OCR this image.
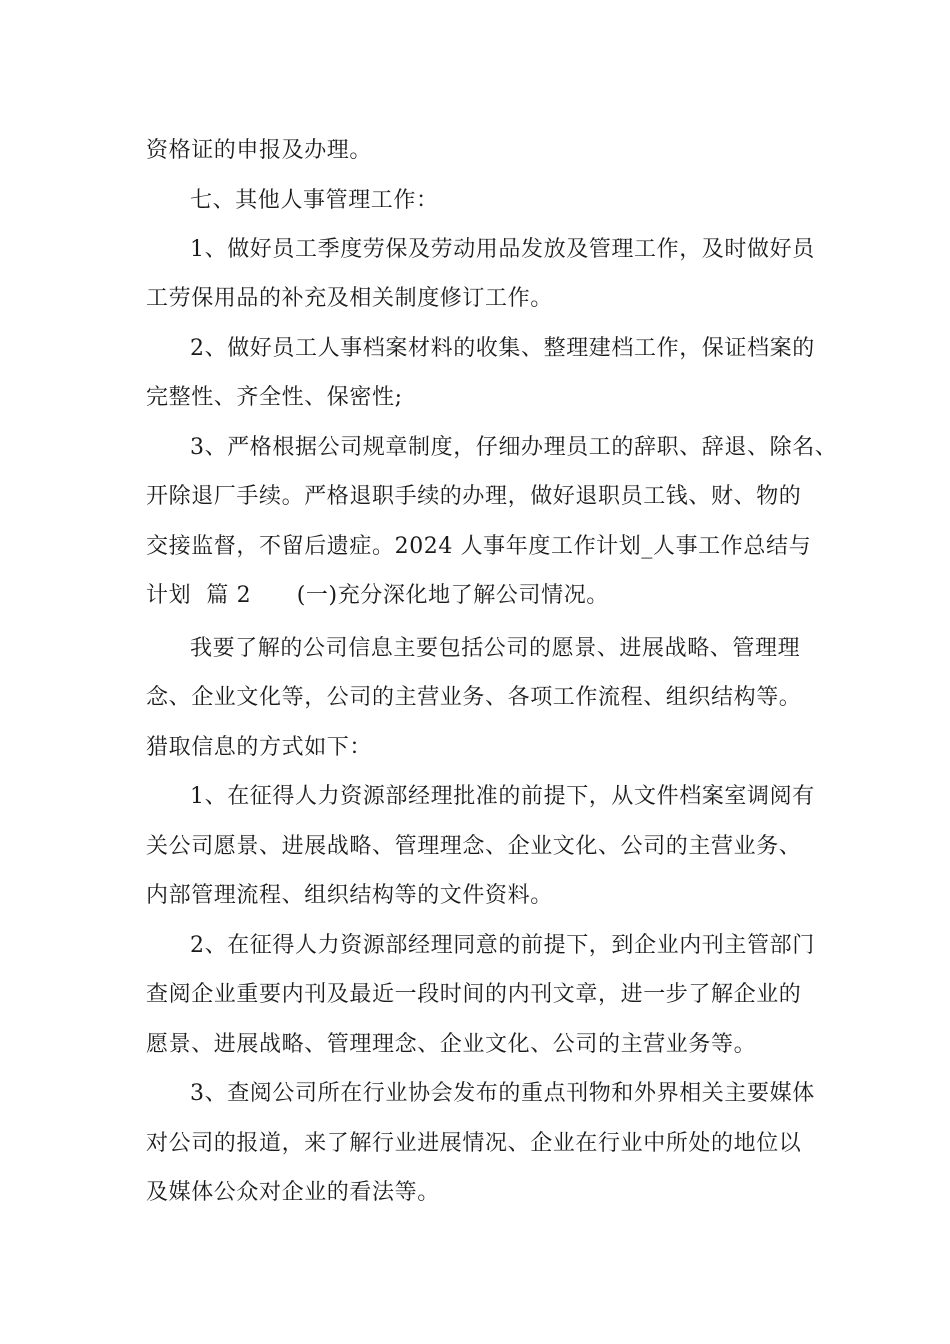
资格证的申报及办理。

七、其他人事管理工作：

1、做好员工季度劳保及劳动用品发放及管理工作，及时做好员

工劳保用品的补充及相关制度修订工作。

2、做好员工人事档案材料的收集、整理建档工作，保证档案的

完整性、齐全性、保密性;

3、严格根据公司规章制度，仔细办理员工的辞职、辞退、除名、

开除退厂手续。严格退职手续的办理，做好退职员工钱、财、物的

交接监督，不留后遗症。2024 人事年度工作计划_人事工作总结与

计划  篇 2      (一)充分深化地了解公司情况。

我要了解的公司信息主要包括公司的愿景、进展战略、管理理

念、企业文化等，公司的主营业务、各项工作流程、组织结构等。

猎取信息的方式如下：

1、在征得人力资源部经理批准的前提下，从文件档案室调阅有

关公司愿景、进展战略、管理理念、企业文化、公司的主营业务、

内部管理流程、组织结构等的文件资料。

2、在征得人力资源部经理同意的前提下，到企业内刊主管部门

查阅企业重要内刊及最近一段时间的内刊文章，进一步了解企业的

愿景、进展战略、管理理念、企业文化、公司的主营业务等。

3、查阅公司所在行业协会发布的重点刊物和外界相关主要媒体

对公司的报道，来了解行业进展情况、企业在行业中所处的地位以

及媒体公众对企业的看法等。
